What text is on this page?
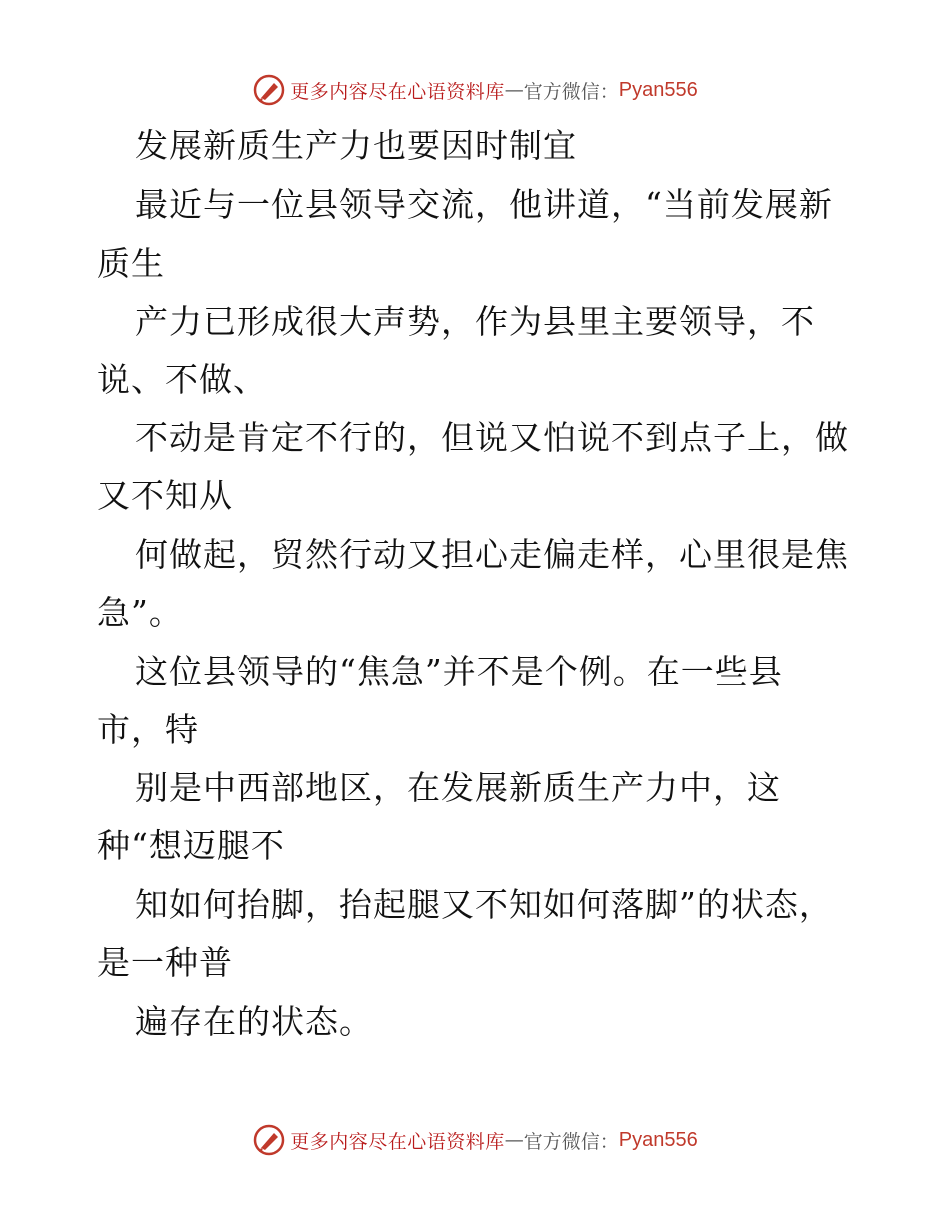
更多内容尽在心语资料库 — 官方微信： Pyan556
发展新质生产力也要因时制宜
最近与一位县领导交流，他讲道，“当前发展新
质生
产力已形成很大声势，作为县里主要领导，不
说、不做、
不动是肯定不行的，但说又怕说不到点子上，做
又不知从
何做起，贸然行动又担心走偏走样，心里很是焦
急”。
这位县领导的“焦急”并不是个例。在一些县
市，特
别是中西部地区，在发展新质生产力中，这
种“想迈腿不
知如何抬脚，抬起腿又不知如何落脚”的状态，
是一种普
遍存在的状态。
更多内容尽在心语资料库 — 官方微信： Pyan556
